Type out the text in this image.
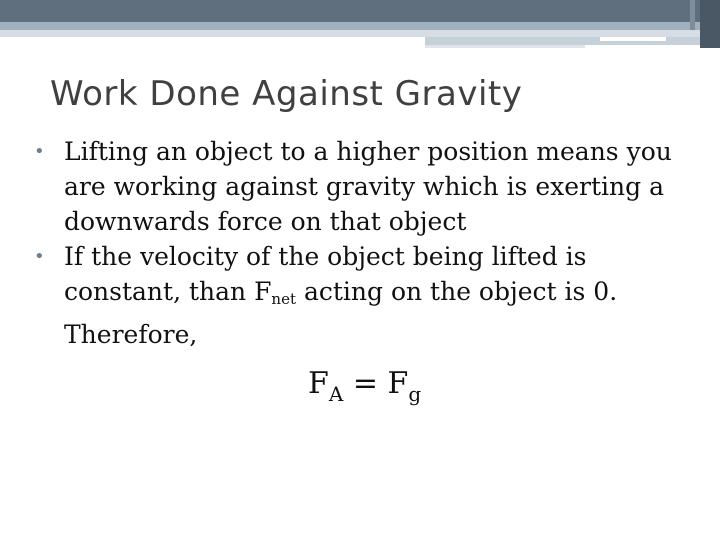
Work Done Against Gravity
• Lifting an object to a higher position means you are working against gravity which is exerting a downwards force on that object
• If the velocity of the object being lifted is constant, than $F_{net}$ acting on the object is 0. Therefore,
$F_A = F_g$
